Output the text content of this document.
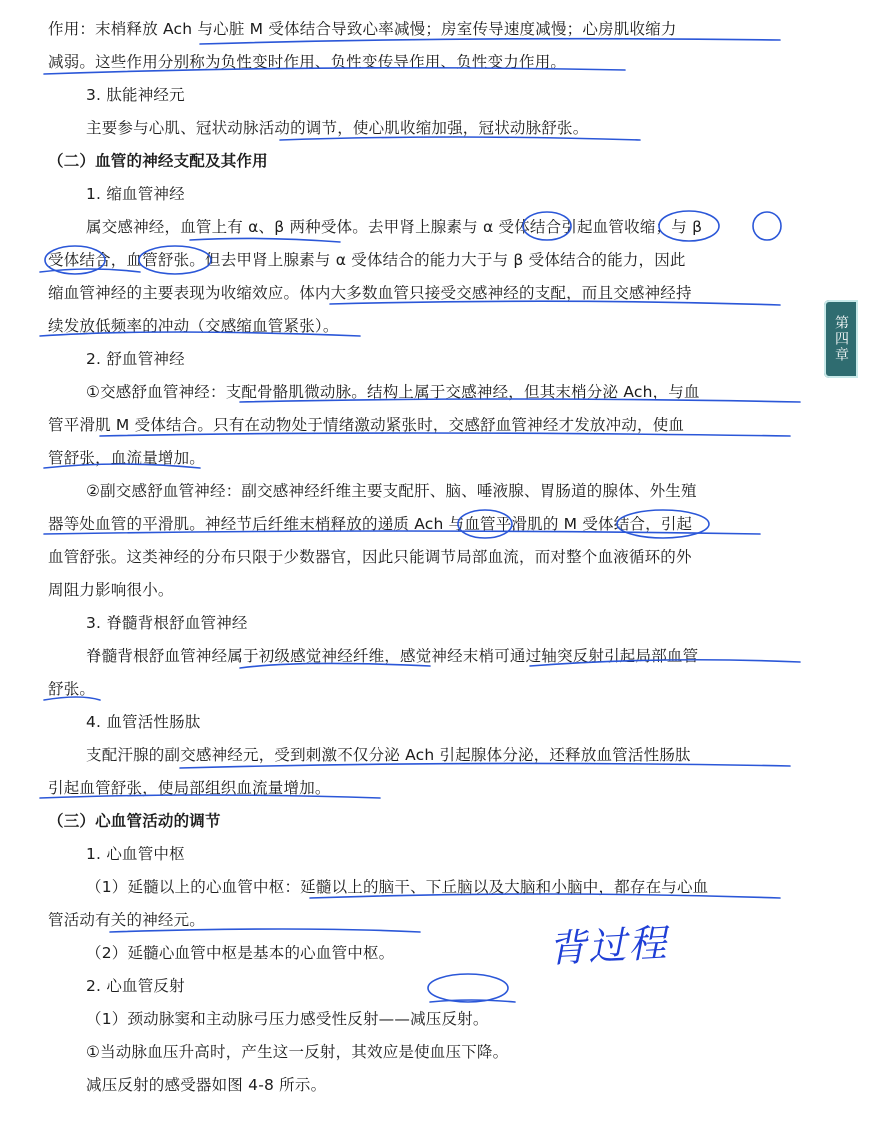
作用：末梢释放 Ach 与心脏 M 受体结合导致心率减慢；房室传导速度减慢；心房肌收缩力
减弱。这些作用分别称为负性变时作用、负性变传导作用、负性变力作用。
3. 肽能神经元
主要参与心肌、冠状动脉活动的调节，使心肌收缩加强，冠状动脉舒张。
（二）血管的神经支配及其作用
1. 缩血管神经
属交感神经，血管上有 α、β 两种受体。去甲肾上腺素与 α 受体结合引起血管收缩；与 β
受体结合，血管舒张。但去甲肾上腺素与 α 受体结合的能力大于与 β 受体结合的能力，因此
缩血管神经的主要表现为收缩效应。体内大多数血管只接受交感神经的支配，而且交感神经持
续发放低频率的冲动（交感缩血管紧张）。
2. 舒血管神经
①交感舒血管神经：支配骨骼肌微动脉。结构上属于交感神经，但其末梢分泌 Ach，与血
管平滑肌 M 受体结合。只有在动物处于情绪激动紧张时，交感舒血管神经才发放冲动，使血
管舒张，血流量增加。
②副交感舒血管神经：副交感神经纤维主要支配肝、脑、唾液腺、胃肠道的腺体、外生殖
器等处血管的平滑肌。神经节后纤维末梢释放的递质 Ach 与血管平滑肌的 M 受体结合，引起
血管舒张。这类神经的分布只限于少数器官，因此只能调节局部血流，而对整个血液循环的外
周阻力影响很小。
3. 脊髓背根舒血管神经
脊髓背根舒血管神经属于初级感觉神经纤维，感觉神经末梢可通过轴突反射引起局部血管
舒张。
4. 血管活性肠肽
支配汗腺的副交感神经元，受到刺激不仅分泌 Ach 引起腺体分泌，还释放血管活性肠肽
引起血管舒张，使局部组织血流量增加。
（三）心血管活动的调节
1. 心血管中枢
（1）延髓以上的心血管中枢：延髓以上的脑干、下丘脑以及大脑和小脑中，都存在与心血
管活动有关的神经元。
（2）延髓心血管中枢是基本的心血管中枢。
2. 心血管反射
（1）颈动脉窦和主动脉弓压力感受性反射——减压反射。
①当动脉血压升高时，产生这一反射，其效应是使血压下降。
减压反射的感受器如图 4-8 所示。
第四章
背过程
